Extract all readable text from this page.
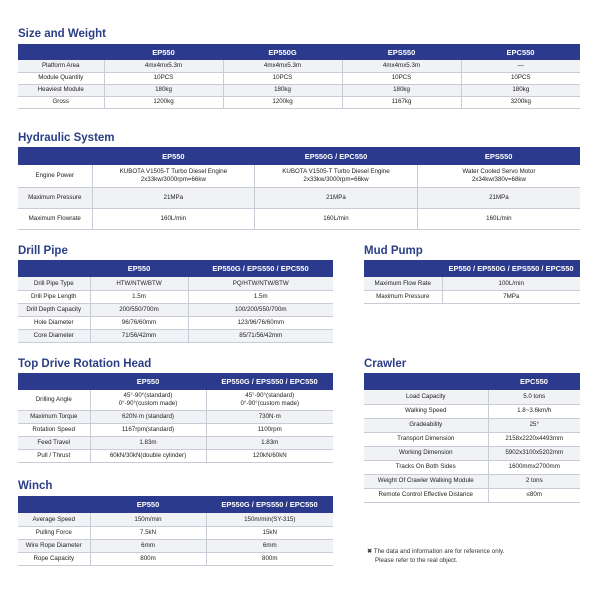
Size and Weight
	EP550	EP550G	EPS550	EPC550
Platform Area	4mx4mx5.3m	4mx4mx5.3m	4mx4mx5.3m	—
Module Quantity	10PCS	10PCS	10PCS	10PCS
Heaviest Module	180kg	180kg	180kg	180kg
Gross	1200kg	1200kg	1167kg	3200kg
Hydraulic System
	EP550	EP550G / EPC550	EPS550
Engine Power	KUBOTA V1505-T Turbo Diesel Engine
2x33kw/3000rpm=66kw	KUBOTA V1505-T Turbo Diesel Engine
2x33kw/3000rpm=66kw	Water Cooled Servo Motor
2x34kw/380v=68kw

Maximum Pressure	21MPa	21MPa	21MPa
Maximum Flowrate	160L/min	160L/min	160L/min
Drill Pipe
	EP550	EP550G / EPS550 / EPC550
Drill Pipe Type	HTW/NTW/BTW	PQ/HTW/NTW/BTW
Drill Pipe Length	1.5m	1.5m
Drill Depth Capacity	200/550/700m	100/200/550/700m
Hole Diameter	96/76/60mm	123/96/76/60mm
Core Diameter	71/56/42mm	85/71/56/42mm
Mud Pump
	EP550 / EP550G / EPS550 / EPC550
Maximum Flow Rate	100L/min
Maximum Pressure	7MPa
Top Drive Rotation Head
	EP550	EP550G / EPS550 / EPC550
Drilling Angle	45°-90°(standard)
0°-90°(custom made)	45°-90°(standard)
0°-90°(custom made)

Maximum Torque	620N·m (standard)	730N·m
Rotation Speed	1167rpm(standard)	1100rpm
Feed Travel	1.83m	1.83m
Pull / Thrust	60kN/30kN(double cylinder)	120kN/60kN
Crawler
	EPC550
Load Capacity	5.0 tons
Walking Speed	1.8~3.6km/h
Gradeability	25°
Transport Dimension	2158x2220x4493mm
Working Dimension	5902x3100x5202mm
Tracks On Both Sides	1600mmx2700mm
Weight Of Crawler Walking Module	2 tons
Remote Control Effective Distance	≤80m
Winch
	EP550	EP550G / EPS550 / EPC550
Average Speed	150m/min	150m/min(SY-315)
Pulling Force	7.5kN	15kN
Wire Rope Diameter	6mm	6mm
Rope Capacity	800m	800m
✖ The data and information are for reference only.
Please refer to the real object.
